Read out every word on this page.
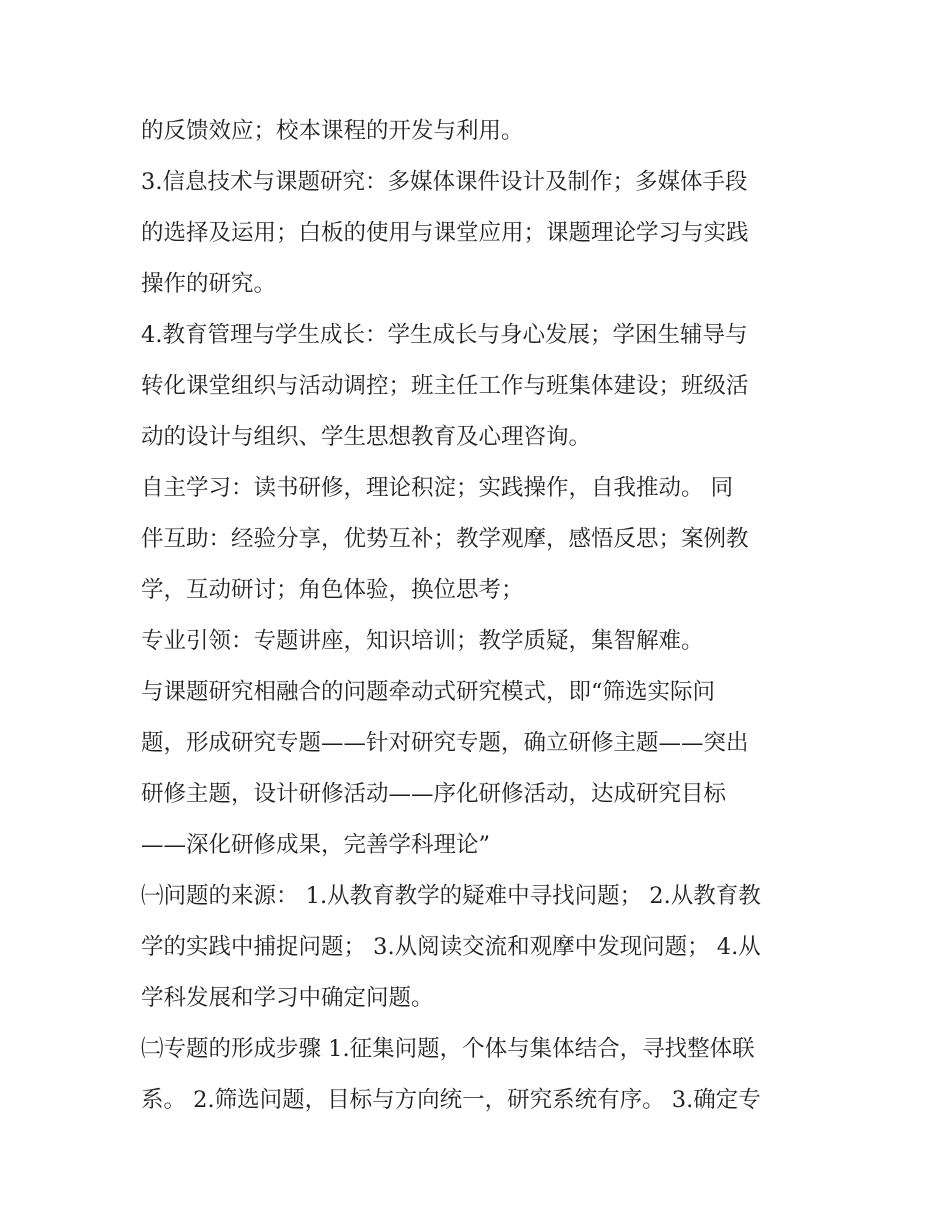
的反馈效应；校本课程的开发与利用。
3.信息技术与课题研究：多媒体课件设计及制作；多媒体手段
的选择及运用；白板的使用与课堂应用；课题理论学习与实践
操作的研究。
4.教育管理与学生成长：学生成长与身心发展；学困生辅导与
转化课堂组织与活动调控；班主任工作与班集体建设；班级活
动的设计与组织、学生思想教育及心理咨询。
自主学习：读书研修，理论积淀；实践操作，自我推动。 同
伴互助：经验分享，优势互补；教学观摩，感悟反思；案例教
学，互动研讨；角色体验，换位思考；
专业引领：专题讲座，知识培训；教学质疑，集智解难。
与课题研究相融合的问题牵动式研究模式，即“筛选实际问
题，形成研究专题——针对研究专题，确立研修主题——突出
研修主题，设计研修活动——序化研修活动，达成研究目标
——深化研修成果，完善学科理论”
㈠问题的来源： 1.从教育教学的疑难中寻找问题； 2.从教育教
学的实践中捕捉问题； 3.从阅读交流和观摩中发现问题； 4.从
学科发展和学习中确定问题。
㈡专题的形成步骤 1.征集问题，个体与集体结合，寻找整体联
系。 2.筛选问题，目标与方向统一，研究系统有序。 3.确定专
